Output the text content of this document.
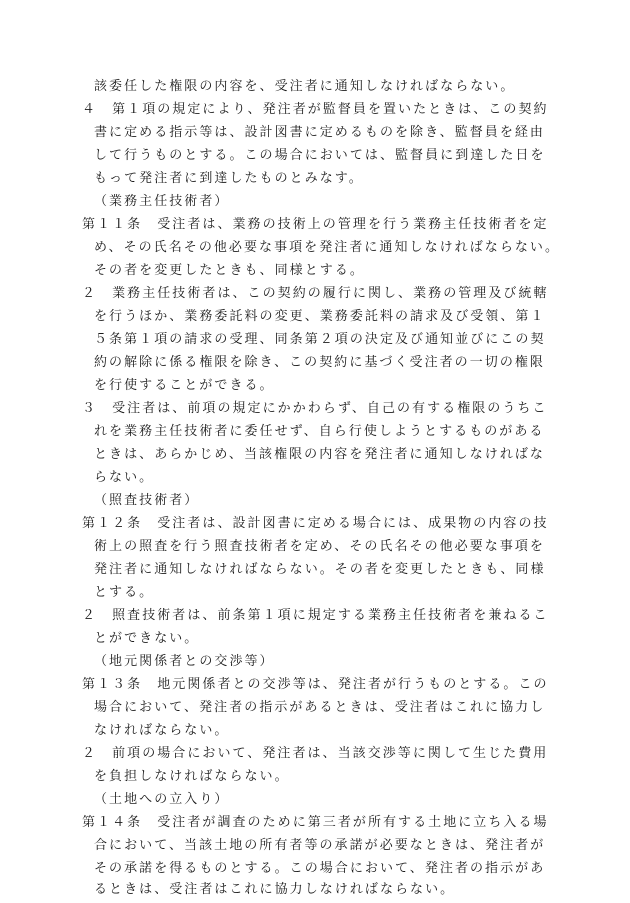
該委任した権限の内容を、受注者に通知しなければならない。
４　第１項の規定により、発注者が監督員を置いたときは、この契約
書に定める指示等は、設計図書に定めるものを除き、監督員を経由
して行うものとする。この場合においては、監督員に到達した日を
もって発注者に到達したものとみなす。
（業務主任技術者）
第１１条　受注者は、業務の技術上の管理を行う業務主任技術者を定
め、その氏名その他必要な事項を発注者に通知しなければならない。
その者を変更したときも、同様とする。
２　業務主任技術者は、この契約の履行に関し、業務の管理及び統轄
を行うほか、業務委託料の変更、業務委託料の請求及び受領、第１
５条第１項の請求の受理、同条第２項の決定及び通知並びにこの契
約の解除に係る権限を除き、この契約に基づく受注者の一切の権限
を行使することができる。
３　受注者は、前項の規定にかかわらず、自己の有する権限のうちこ
れを業務主任技術者に委任せず、自ら行使しようとするものがある
ときは、あらかじめ、当該権限の内容を発注者に通知しなければな
らない。
（照査技術者）
第１２条　受注者は、設計図書に定める場合には、成果物の内容の技
術上の照査を行う照査技術者を定め、その氏名その他必要な事項を
発注者に通知しなければならない。その者を変更したときも、同様
とする。
２　照査技術者は、前条第１項に規定する業務主任技術者を兼ねるこ
とができない。
（地元関係者との交渉等）
第１３条　地元関係者との交渉等は、発注者が行うものとする。この
場合において、発注者の指示があるときは、受注者はこれに協力し
なければならない。
２　前項の場合において、発注者は、当該交渉等に関して生じた費用
を負担しなければならない。
（土地への立入り）
第１４条　受注者が調査のために第三者が所有する土地に立ち入る場
合において、当該土地の所有者等の承諾が必要なときは、発注者が
その承諾を得るものとする。この場合において、発注者の指示があ
るときは、受注者はこれに協力しなければならない。
